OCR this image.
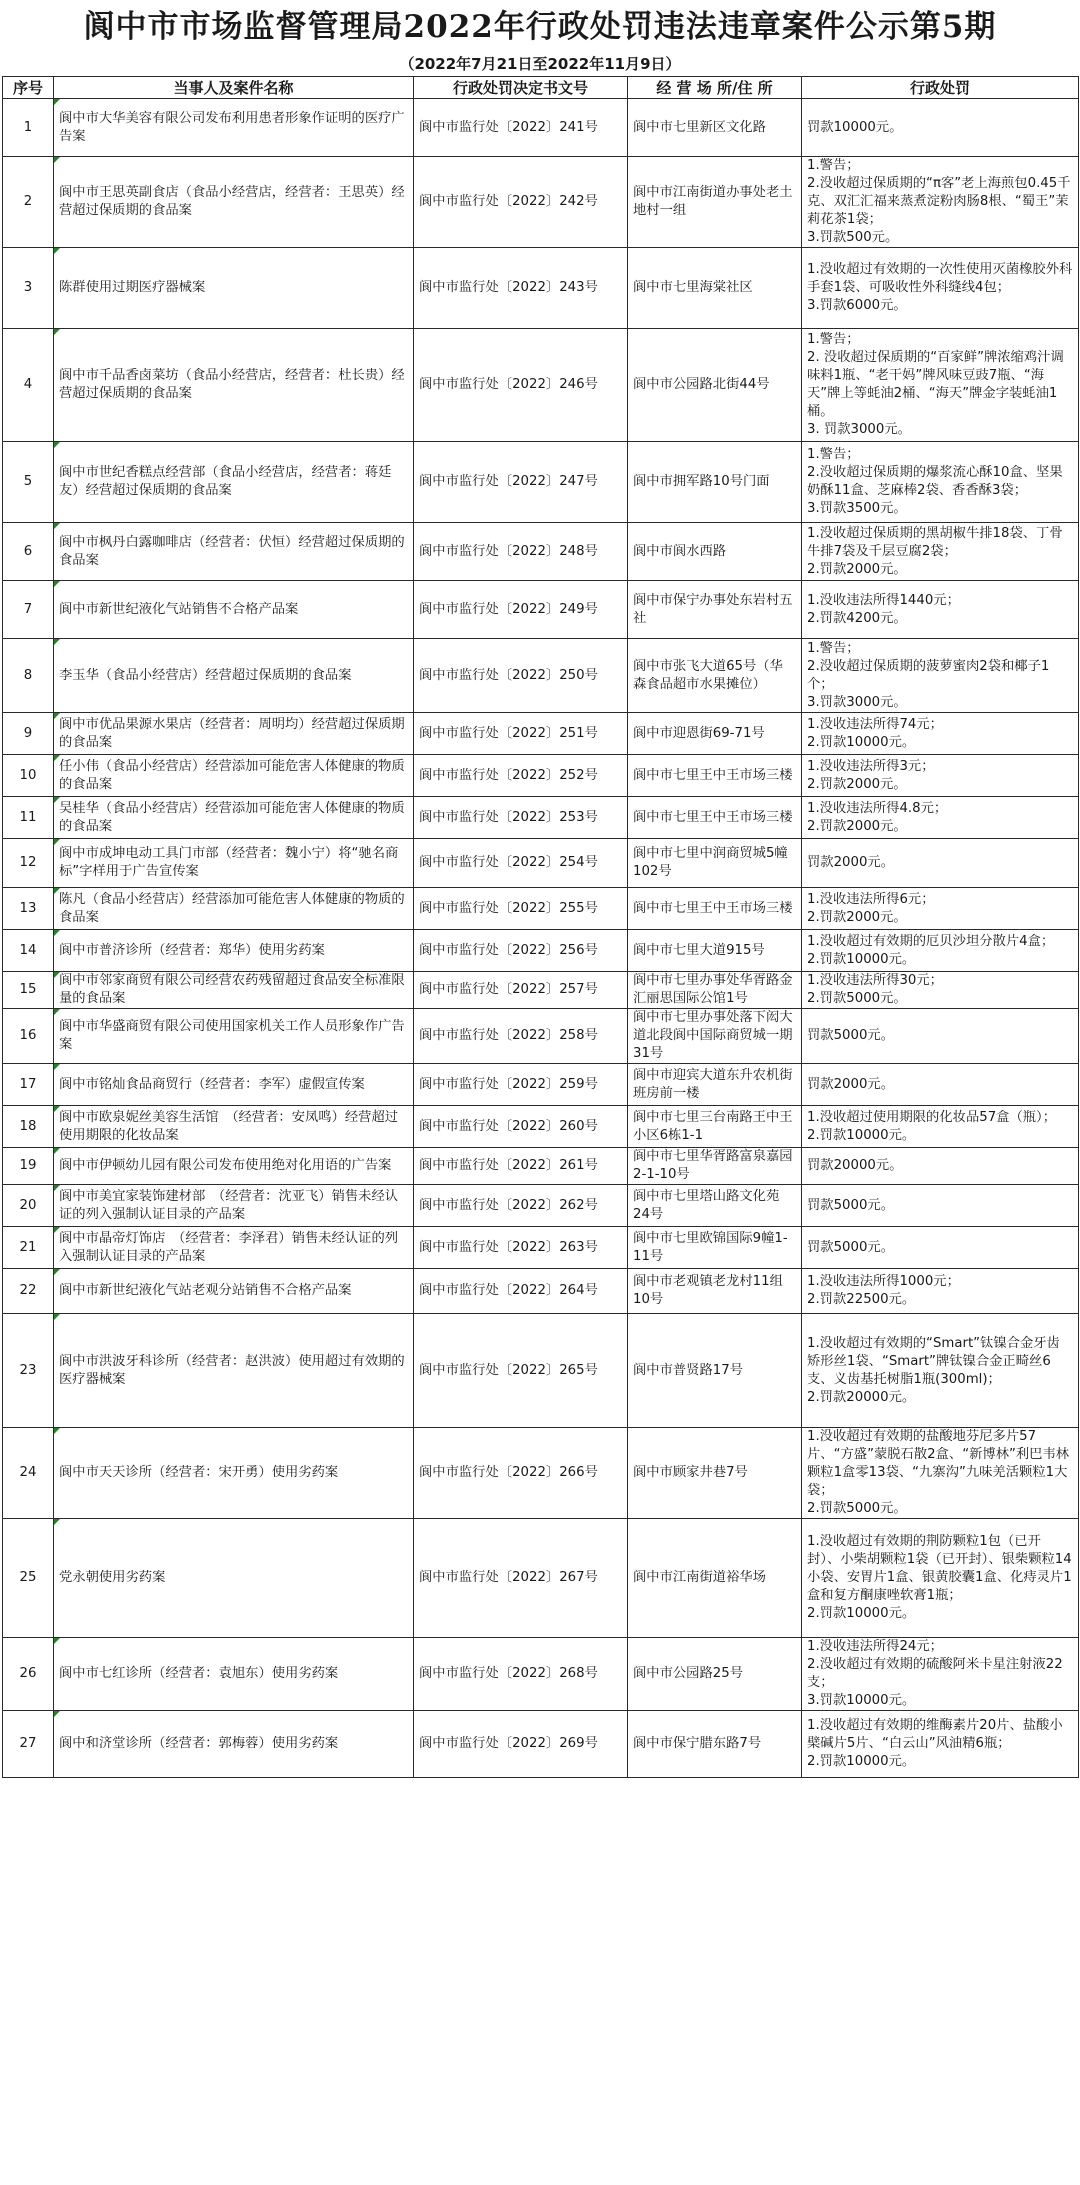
阆中市市场监督管理局2022年行政处罚违法违章案件公示第5期
（2022年7月21日至2022年11月9日）
序号	当事人及案件名称	行政处罚决定书文号	经 营 场 所/住 所	行政处罚
1	阆中市大华美容有限公司发布利用患者形象作证明的医疗广告案	阆中市监行处〔2022〕241号	阆中市七里新区文化路	罚款10000元。
2	阆中市王思英副食店（食品小经营店，经营者：王思英）经营超过保质期的食品案	阆中市监行处〔2022〕242号	阆中市江南街道办事处老土地村一组	1.警告；
2.没收超过保质期的“π客”老上海煎包0.45千克、双汇汇福来蒸煮淀粉肉肠8根、“蜀王”茉莉花茶1袋；
3.罚款500元。
3	陈群使用过期医疗器械案	阆中市监行处〔2022〕243号	阆中市七里海棠社区	1.没收超过有效期的一次性使用灭菌橡胶外科手套1袋、可吸收性外科缝线4包；
3.罚款6000元。
4	阆中市千品香卤菜坊（食品小经营店，经营者：杜长贵）经营超过保质期的食品案	阆中市监行处〔2022〕246号	阆中市公园路北街44号	1.警告；
2. 没收超过保质期的“百家鲜”牌浓缩鸡汁调味料1瓶、“老干妈”牌风味豆豉7瓶、“海天”牌上等蚝油2桶、“海天”牌金字装蚝油1桶。
3. 罚款3000元。
5	阆中市世纪香糕点经营部（食品小经营店，经营者：蒋廷友）经营超过保质期的食品案	阆中市监行处〔2022〕247号	阆中市拥军路10号门面	1.警告；
2.没收超过保质期的爆浆流心酥10盒、坚果奶酥11盒、芝麻棒2袋、香香酥3袋；
3.罚款3500元。
6	阆中市枫丹白露咖啡店（经营者：伏恒）经营超过保质期的食品案	阆中市监行处〔2022〕248号	阆中市阆水西路	1.没收超过保质期的黑胡椒牛排18袋、丁骨牛排7袋及千层豆腐2袋；
2.罚款2000元。
7	阆中市新世纪液化气站销售不合格产品案	阆中市监行处〔2022〕249号	阆中市保宁办事处东岩村五社	1.没收违法所得1440元；
2.罚款4200元。
8	李玉华（食品小经营店）经营超过保质期的食品案	阆中市监行处〔2022〕250号	阆中市张飞大道65号（华森食品超市水果摊位）	1.警告；
2.没收超过保质期的菠萝蜜肉2袋和椰子1个；
3.罚款3000元。
9	阆中市优品果源水果店（经营者：周明均）经营超过保质期的食品案	阆中市监行处〔2022〕251号	阆中市迎恩街69-71号	1.没收违法所得74元；
2.罚款10000元。
10	任小伟（食品小经营店）经营添加可能危害人体健康的物质的食品案	阆中市监行处〔2022〕252号	阆中市七里王中王市场三楼	1.没收违法所得3元；
2.罚款2000元。
11	吴桂华（食品小经营店）经营添加可能危害人体健康的物质的食品案	阆中市监行处〔2022〕253号	阆中市七里王中王市场三楼	1.没收违法所得4.8元；
2.罚款2000元。
12	阆中市成坤电动工具门市部（经营者：魏小宁）将“驰名商标”字样用于广告宣传案	阆中市监行处〔2022〕254号	阆中市七里中润商贸城5幢102号	罚款2000元。
13	陈凡（食品小经营店）经营添加可能危害人体健康的物质的食品案	阆中市监行处〔2022〕255号	阆中市七里王中王市场三楼	1.没收违法所得6元；
2.罚款2000元。
14	阆中市普济诊所（经营者：郑华）使用劣药案	阆中市监行处〔2022〕256号	阆中市七里大道915号	1.没收超过有效期的厄贝沙坦分散片4盒；
2.罚款10000元。
15	阆中市邻家商贸有限公司经营农药残留超过食品安全标准限量的食品案	阆中市监行处〔2022〕257号	阆中市七里办事处华胥路金汇丽思国际公馆1号	1.没收违法所得30元；
2.罚款5000元。
16	阆中市华盛商贸有限公司使用国家机关工作人员形象作广告案	阆中市监行处〔2022〕258号	阆中市七里办事处落下闳大道北段阆中国际商贸城一期31号	罚款5000元。
17	阆中市铭灿食品商贸行（经营者：李军）虚假宣传案	阆中市监行处〔2022〕259号	阆中市迎宾大道东升农机街班房前一楼	罚款2000元。
18	阆中市欧泉妮丝美容生活馆　（经营者：安凤鸣）经营超过使用期限的化妆品案	阆中市监行处〔2022〕260号	阆中市七里三台南路王中王小区6栋1-1	1.没收超过使用期限的化妆品57盒（瓶）；
2.罚款10000元。
19	阆中市伊顿幼儿园有限公司发布使用绝对化用语的广告案	阆中市监行处〔2022〕261号	阆中市七里华胥路富泉嘉园2-1-10号	罚款20000元。
20	阆中市美宜家装饰建材部　（经营者：沈亚飞）销售未经认证的列入强制认证目录的产品案	阆中市监行处〔2022〕262号	阆中市七里塔山路文化苑24号	罚款5000元。
21	阆中市晶帝灯饰店　（经营者：李泽君）销售未经认证的列入强制认证目录的产品案	阆中市监行处〔2022〕263号	阆中市七里欧锦国际9幢1-11号	罚款5000元。
22	阆中市新世纪液化气站老观分站销售不合格产品案	阆中市监行处〔2022〕264号	阆中市老观镇老龙村11组10号	1.没收违法所得1000元；
2.罚款22500元。
23	阆中市洪波牙科诊所（经营者：赵洪波）使用超过有效期的医疗器械案	阆中市监行处〔2022〕265号	阆中市普贤路17号	1.没收超过有效期的“Smart”钛镍合金牙齿矫形丝1袋、“Smart”牌钛镍合金正畸丝6支、义齿基托树脂1瓶(300ml)；
2.罚款20000元。
24	阆中市天天诊所（经营者：宋开勇）使用劣药案	阆中市监行处〔2022〕266号	阆中市顾家井巷7号	1.没收超过有效期的盐酸地芬尼多片57片、“方盛”蒙脱石散2盒、“新博林”利巴韦林颗粒1盒零13袋、“九寨沟”九味羌活颗粒1大袋；
2.罚款5000元。
25	党永朝使用劣药案	阆中市监行处〔2022〕267号	阆中市江南街道裕华场	1.没收超过有效期的荆防颗粒1包（已开封）、小柴胡颗粒1袋（已开封）、银柴颗粒14小袋、安胃片1盒、银黄胶囊1盒、化痔灵片1盒和复方酮康唑软膏1瓶；
2.罚款10000元。
26	阆中市七红诊所（经营者：袁旭东）使用劣药案	阆中市监行处〔2022〕268号	阆中市公园路25号	1.没收违法所得24元；
2.没收超过有效期的硫酸阿米卡星注射液22支；
3.罚款10000元。
27	阆中和济堂诊所（经营者：郭梅蓉）使用劣药案	阆中市监行处〔2022〕269号	阆中市保宁腊东路7号	1.没收超过有效期的维酶素片20片、盐酸小檗碱片5片、“白云山”风油精6瓶；
2.罚款10000元。
